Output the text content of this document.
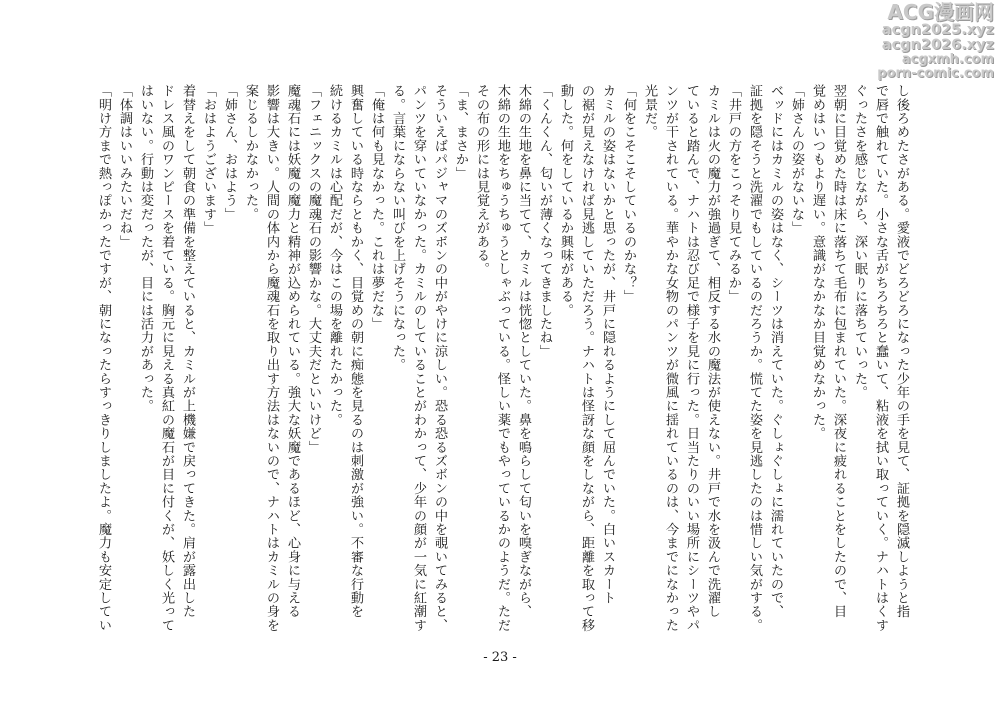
ACG漫画网
acgn2025.xyz
acgn2026.xyz
acgxmh.com
porn-comic.com

し後ろめたさがある。愛液でどろどろになった少年の手を見て、証拠を隠滅しようと指

で唇で触れていた。小さな舌がちろちろと蠢いて、粘液を拭い取っていく。ナハトはくす

ぐったさを感じながら、深い眠りに落ちていった。

翌朝に目覚めた時は床に落ちて毛布に包まれていた。深夜に疲れることをしたので、目

覚めはいつもより遅い。意識がなかなか目覚めなかった。

「姉さんの姿がないな」

ベッドにはカミルの姿はなく、シーツは消えていた。ぐしょぐしょに濡れていたので、

証拠を隠そうと洗濯でもしているのだろうか。慌てた姿を見逃したのは惜しい気がする。

「井戸の方をこっそり見てみるか」

カミルは火の魔力が強過ぎて、相反する水の魔法が使えない。井戸で水を汲んで洗濯し

ていると踏んで、ナハトは忍び足で様子を見に行った。日当たりのいい場所にシーツやパ

ンツが干されている。華やかな女物のパンツが微風に揺れているのは、今までになかった

光景だ。

「何をこそこそしているのかな？」

カミルの姿はないかと思ったが、井戸に隠れるようにして屈んでいた。白いスカート

の裾が見えなければ見逃していただろう。ナハトは怪訝な顔をしながら、距離を取って移

動した。何をしているか興味がある。

「くんくん、匂いが薄くなってきましたね」

木綿の生地を鼻に当てて、カミルは恍惚としていた。鼻を鳴らして匂いを嗅ぎながら、

木綿の生地をちゅうちゅうとしゃぶっている。怪しい薬でもやっているかのようだ。ただ

その布の形には見覚えがある。

「ま、まさか」

そういえばパジャマのズボンの中がやけに涼しい。恐る恐るズボンの中を覗いてみると、

パンツを穿いていなかった。カミルのしていることがわかって、少年の顔が一気に紅潮す

る。言葉にならない叫びを上げそうになった。

「俺は何も見なかった。これは夢だな」

興奮している時ならともかく、目覚めの朝に痴態を見るのは刺激が強い。不審な行動を

続けるカミルは心配だが、今はこの場を離れたかった。

「フェニックスの魔魂石の影響かな。大丈夫だといいけど」

魔魂石には妖魔の魔力と精神が込められている。強大な妖魔であるほど、心身に与える

影響は大きい。人間の体内から魔魂石を取り出す方法はないので、ナハトはカミルの身を

案じるしかなかった。

「姉さん、おはよう」

「おはようございます」

着替えをして朝食の準備を整えていると、カミルが上機嫌で戻ってきた。肩が露出した

ドレス風のワンピースを着ている。胸元に見える真紅の魔石が目に付くが、妖しく光って

はいない。行動は変だったが、目には活力があった。

「体調はいいみたいだね」

「明け方まで熱っぽかったですが、朝になったらすっきりしましたよ。魔力も安定してい

- 23 -
